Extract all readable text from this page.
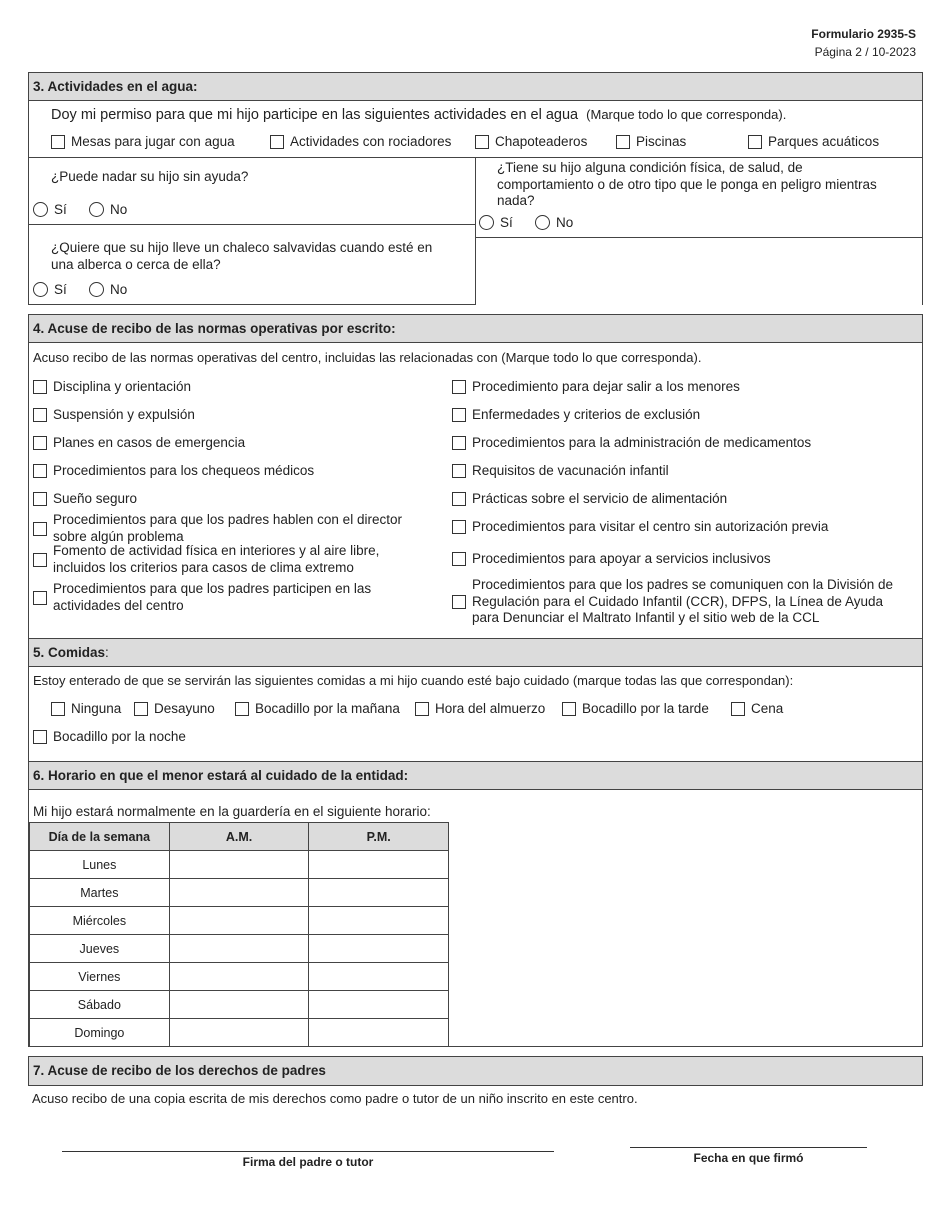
Formulario 2935-S
Página 2 / 10-2023
3. Actividades en el agua:
Doy mi permiso para que mi hijo participe en las siguientes actividades en el agua (Marque todo lo que corresponda).
Mesas para jugar con agua	Actividades con rociadores	Chapoteaderos	Piscinas	Parques acuáticos
¿Puede nadar su hijo sin ayuda?
Sí	No
¿Tiene su hijo alguna condición física, de salud, de
comportamiento o de otro tipo que le ponga en peligro mientras
nada?
Sí	No
¿Quiere que su hijo lleve un chaleco salvavidas cuando esté en
una alberca o cerca de ella?
Sí	No
4. Acuse de recibo de las normas operativas por escrito:
Acuso recibo de las normas operativas del centro, incluidas las relacionadas con (Marque todo lo que corresponda).
Disciplina y orientación
Suspensión y expulsión
Planes en casos de emergencia
Procedimientos para los chequeos médicos
Sueño seguro
Procedimientos para que los padres hablen con el director
sobre algún problema
Fomento de actividad física en interiores y al aire libre,
incluidos los criterios para casos de clima extremo
Procedimientos para que los padres participen en las
actividades del centro
Procedimiento para dejar salir a los menores
Enfermedades y criterios de exclusión
Procedimientos para la administración de medicamentos
Requisitos de vacunación infantil
Prácticas sobre el servicio de alimentación
Procedimientos para visitar el centro sin autorización previa
Procedimientos para apoyar a servicios inclusivos
Procedimientos para que los padres se comuniquen con la División de
Regulación para el Cuidado Infantil (CCR), DFPS, la Línea de Ayuda
para Denunciar el Maltrato Infantil y el sitio web de la CCL
5. Comidas:
Estoy enterado de que se servirán las siguientes comidas a mi hijo cuando esté bajo cuidado (marque todas las que correspondan):
Ninguna Desayuno	Bocadillo por la mañana	Hora del almuerzo	Bocadillo por la tarde	Cena
Bocadillo por la noche
6. Horario en que el menor estará al cuidado de la entidad:
Mi hijo estará normalmente en la guardería en el siguiente horario:
Día de la semana	A.M.	P.M.
Lunes		
Martes		
Miércoles		
Jueves		
Viernes		
Sábado		
Domingo		
7. Acuse de recibo de los derechos de padres
Acuso recibo de una copia escrita de mis derechos como padre o tutor de un niño inscrito en este centro.
Firma del padre o tutor	Fecha en que firmó
